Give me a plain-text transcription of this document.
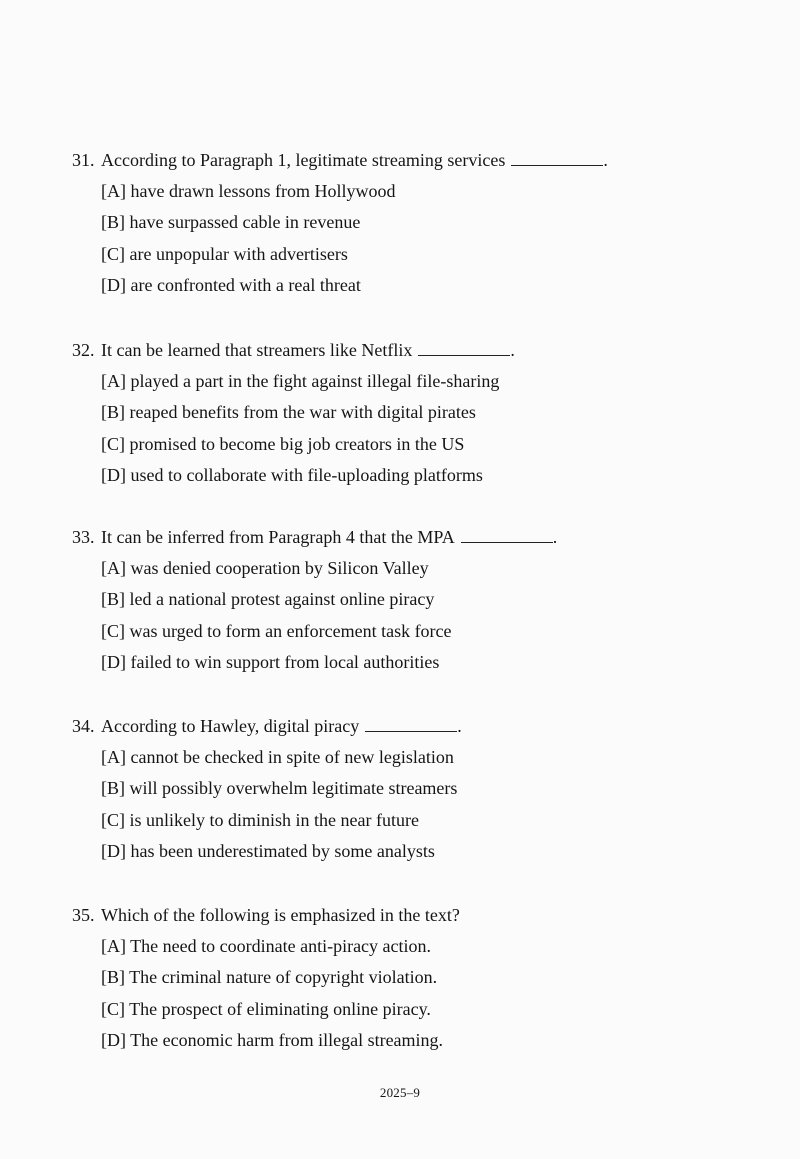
31. According to Paragraph 1, legitimate streaming services	.
[A] have drawn lessons from Hollywood
[B] have surpassed cable in revenue
[C] are unpopular with advertisers
[D] are confronted with a real threat
32. It can be learned that streamers like Netflix	.
[A] played a part in the fight against illegal file-sharing
[B] reaped benefits from the war with digital pirates
[C] promised to become big job creators in the US
[D] used to collaborate with file-uploading platforms
33. It can be inferred from Paragraph 4 that the MPA	.
[A] was denied cooperation by Silicon Valley
[B] led a national protest against online piracy
[C] was urged to form an enforcement task force
[D] failed to win support from local authorities
34. According to Hawley, digital piracy	.
[A] cannot be checked in spite of new legislation
[B] will possibly overwhelm legitimate streamers
[C] is unlikely to diminish in the near future
[D] has been underestimated by some analysts
35. Which of the following is emphasized in the text?
[A] The need to coordinate anti-piracy action.
[B] The criminal nature of copyright violation.
[C] The prospect of eliminating online piracy.
[D] The economic harm from illegal streaming.
2025–9
